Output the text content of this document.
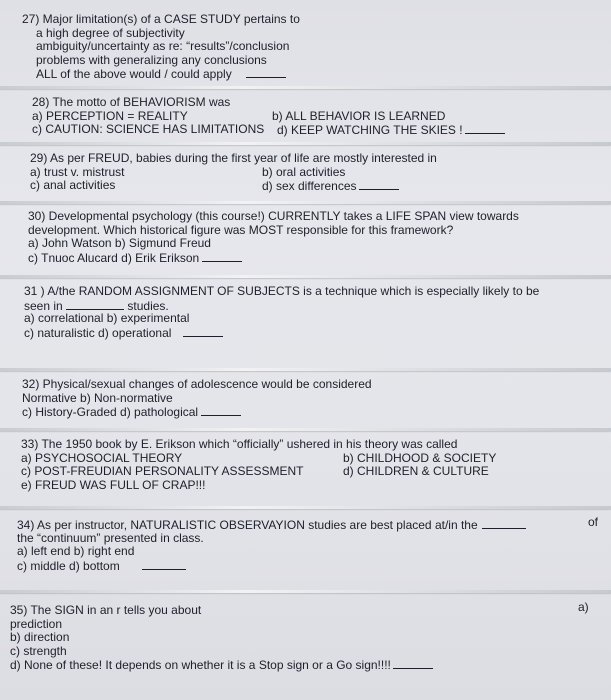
27) Major limitation(s) of a CASE STUDY pertains to
a high degree of subjectivity
ambiguity/uncertainty as re: “results”/conclusion
problems with generalizing any conclusions
ALL of the above would / could apply
28) The motto of BEHAVIORISM was
a) PERCEPTION = REALITY	b) ALL BEHAVIOR IS LEARNED
c) CAUTION: SCIENCE HAS LIMITATIONS d) KEEP WATCHING THE SKIES !
29) As per FREUD, babies during the first year of life are mostly interested in
a) trust v. mistrust	b) oral activities
c) anal activities	d) sex differences
30) Developmental psychology (this course!) CURRENTLY takes a LIFE SPAN view towards
development. Which historical figure was MOST responsible for this framework?
a) John Watson b) Sigmund Freud
c) Tnuoc Alucard d) Erik Erikson
31 ) A/the RANDOM ASSIGNMENT OF SUBJECTS is a technique which is especially likely to be
seen in	studies.
a) correlational b) experimental
c) naturalistic d) operational
32) Physical/sexual changes of adolescence would be considered
Normative b) Non-normative
c) History-Graded d) pathological
33) The 1950 book by E. Erikson which “officially” ushered in his theory was called
a) PSYCHOSOCIAL THEORY	b) CHILDHOOD & SOCIETY
c) POST-FREUDIAN PERSONALITY ASSESSMENT	d) CHILDREN & CULTURE
e) FREUD WAS FULL OF CRAP!!!
34) As per instructor, NATURALISTIC OBSERVAYION studies are best placed at/in the
the “continuum” presented in class.
a) left end b) right end
c) middle d) bottom
of
35) The SIGN in an r tells you about
prediction
b) direction
c) strength
d) None of these! It depends on whether it is a Stop sign or a Go sign!!!!
a)
